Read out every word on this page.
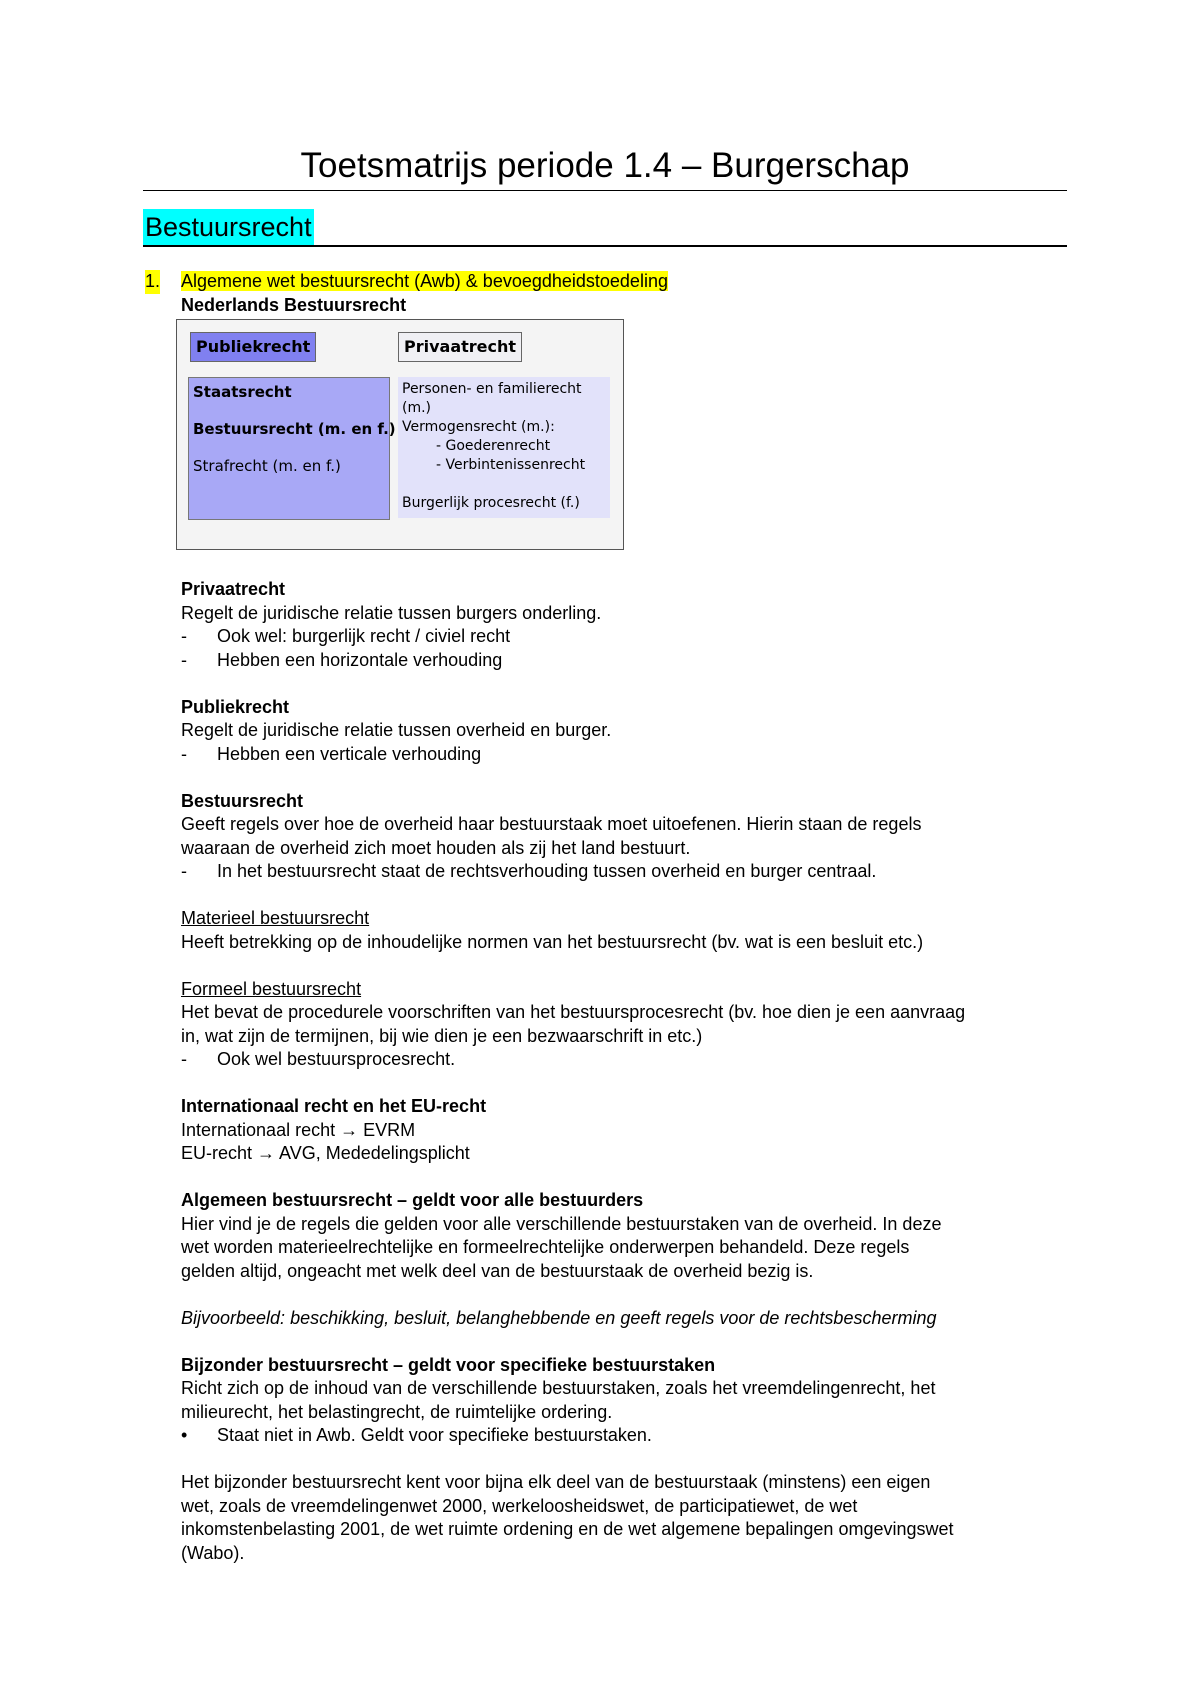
Toetsmatrijs periode 1.4 – Burgerschap
Bestuursrecht
1.	Algemene wet bestuursrecht (Awb) & bevoegdheidstoedeling
Nederlands Bestuursrecht
Publiekrecht	Privaatrecht
Staatsrecht
Bestuursrecht (m. en f.)
Strafrecht (m. en f.)
Personen- en familierecht
(m.)
Vermogensrecht (m.):
- Goederenrecht
- Verbintenissenrecht
Burgerlijk procesrecht (f.)
Privaatrecht
Regelt de juridische relatie tussen burgers onderling.
- Ook wel: burgerlijk recht / civiel recht
- Hebben een horizontale verhouding
Publiekrecht
Regelt de juridische relatie tussen overheid en burger.
- Hebben een verticale verhouding
Bestuursrecht
Geeft regels over hoe de overheid haar bestuurstaak moet uitoefenen. Hierin staan de regels
waaraan de overheid zich moet houden als zij het land bestuurt.
- In het bestuursrecht staat de rechtsverhouding tussen overheid en burger centraal.
Materieel bestuursrecht
Heeft betrekking op de inhoudelijke normen van het bestuursrecht (bv. wat is een besluit etc.)
Formeel bestuursrecht
Het bevat de procedurele voorschriften van het bestuursprocesrecht (bv. hoe dien je een aanvraag
in, wat zijn de termijnen, bij wie dien je een bezwaarschrift in etc.)
- Ook wel bestuursprocesrecht.
Internationaal recht en het EU-recht
Internationaal recht → EVRM
EU-recht → AVG, Mededelingsplicht
Algemeen bestuursrecht – geldt voor alle bestuurders
Hier vind je de regels die gelden voor alle verschillende bestuurstaken van de overheid. In deze
wet worden materieelrechtelijke en formeelrechtelijke onderwerpen behandeld. Deze regels
gelden altijd, ongeacht met welk deel van de bestuurstaak de overheid bezig is.
Bijvoorbeeld: beschikking, besluit, belanghebbende en geeft regels voor de rechtsbescherming
Bijzonder bestuursrecht – geldt voor specifieke bestuurstaken
Richt zich op de inhoud van de verschillende bestuurstaken, zoals het vreemdelingenrecht, het
milieurecht, het belastingrecht, de ruimtelijke ordering.
• Staat niet in Awb. Geldt voor specifieke bestuurstaken.
Het bijzonder bestuursrecht kent voor bijna elk deel van de bestuurstaak (minstens) een eigen
wet, zoals de vreemdelingenwet 2000, werkeloosheidswet, de participatiewet, de wet
inkomstenbelasting 2001, de wet ruimte ordening en de wet algemene bepalingen omgevingswet
(Wabo).
